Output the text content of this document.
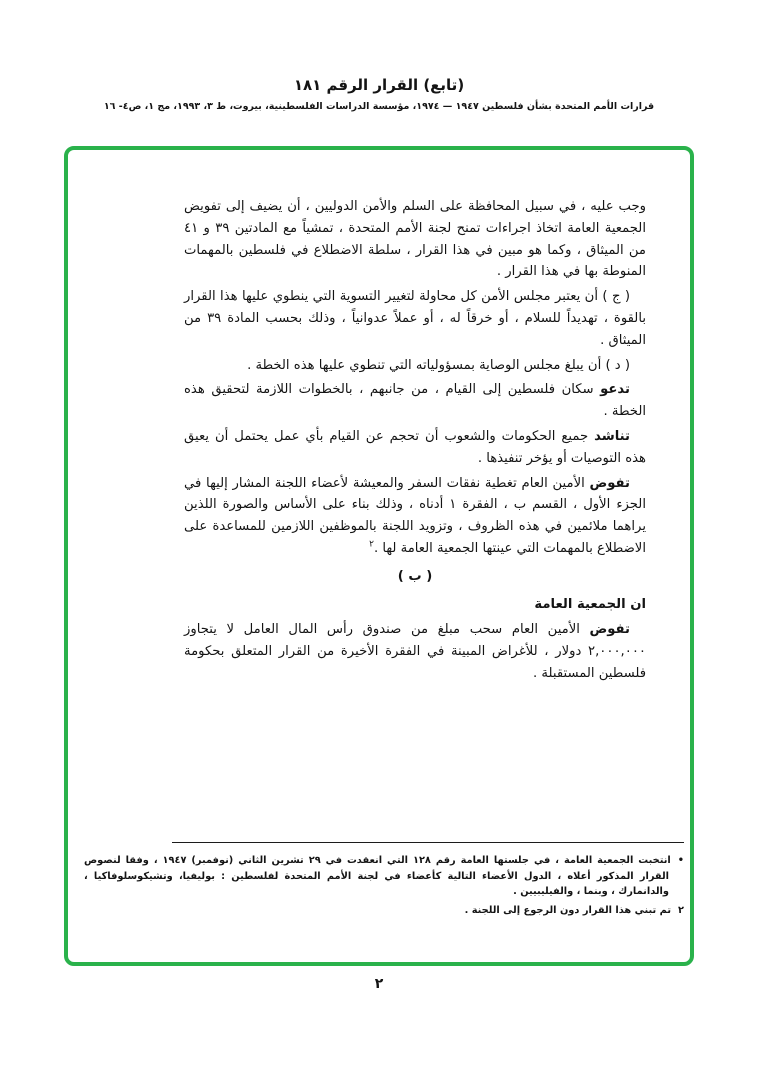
(تابع) القرار الرقم ١٨١
قرارات الأمم المتحدة بشأن فلسطين ١٩٤٧ — ١٩٧٤، مؤسسة الدراسات الفلسطينية، بيروت، ط ٣، ١٩٩٣، مج ١، ص٤- ١٦

وجب عليه ، في سبيل المحافظة على السلم والأمن الدوليين ، أن يضيف إلى تفويض الجمعية العامة اتخاذ اجراءات تمنح لجنة الأمم المتحدة ، تمشياً مع المادتين ٣٩ و ٤١ من الميثاق ، وكما هو مبين في هذا القرار ، سلطة الاضطلاع في فلسطين بالمهمات المنوطة بها في هذا القرار .

( ج ) أن يعتبر مجلس الأمن كل محاولة لتغيير التسوية التي ينطوي عليها هذا القرار بالقوة ، تهديداً للسلام ، أو خرقاً له ، أو عملاً عدوانياً ، وذلك بحسب المادة ٣٩ من الميثاق .

( د ) أن يبلغ مجلس الوصاية بمسؤولياته التي تنطوي عليها هذه الخطة .

تدعو سكان فلسطين إلى القيام ، من جانبهم ، بالخطوات اللازمة لتحقيق هذه الخطة .

تناشد جميع الحكومات والشعوب أن تحجم عن القيام بأي عمل يحتمل أن يعيق هذه التوصيات أو يؤخر تنفيذها .

تفوض الأمين العام تغطية نفقات السفر والمعيشة لأعضاء اللجنة المشار إليها في الجزء الأول ، القسم ب ، الفقرة ١ أدناه ، وذلك بناء على الأساس والصورة اللذين يراهما ملائمين في هذه الظروف ، وتزويد اللجنة بالموظفين اللازمين للمساعدة على الاضطلاع بالمهمات التي عينتها الجمعية العامة لها .$^٢$

( ب )

ان الجمعية العامة

تفوض الأمين العام سحب مبلغ من صندوق رأس المال العامل لا يتجاوز ٢,٠٠٠,٠٠٠ دولار ، للأغراض المبينة في الفقرة الأخيرة من القرار المتعلق بحكومة فلسطين المستقبلة .

•انتخبت الجمعية العامة ، في جلستها العامة رقم ١٢٨ التي انعقدت في ٢٩ تشرين الثاني (نوفمبر) ١٩٤٧ ، وفقا لنصوص القرار المذكور أعلاه ، الدول الأعضاء التالية كأعضاء في لجنة الأمم المتحدة لفلسطين : بوليفيا، وتشيكوسلوفاكيا ، والدانمارك ، وبنما ، والفيليبيين .

٢تم تبني هذا القرار دون الرجوع إلى اللجنة .

٢
